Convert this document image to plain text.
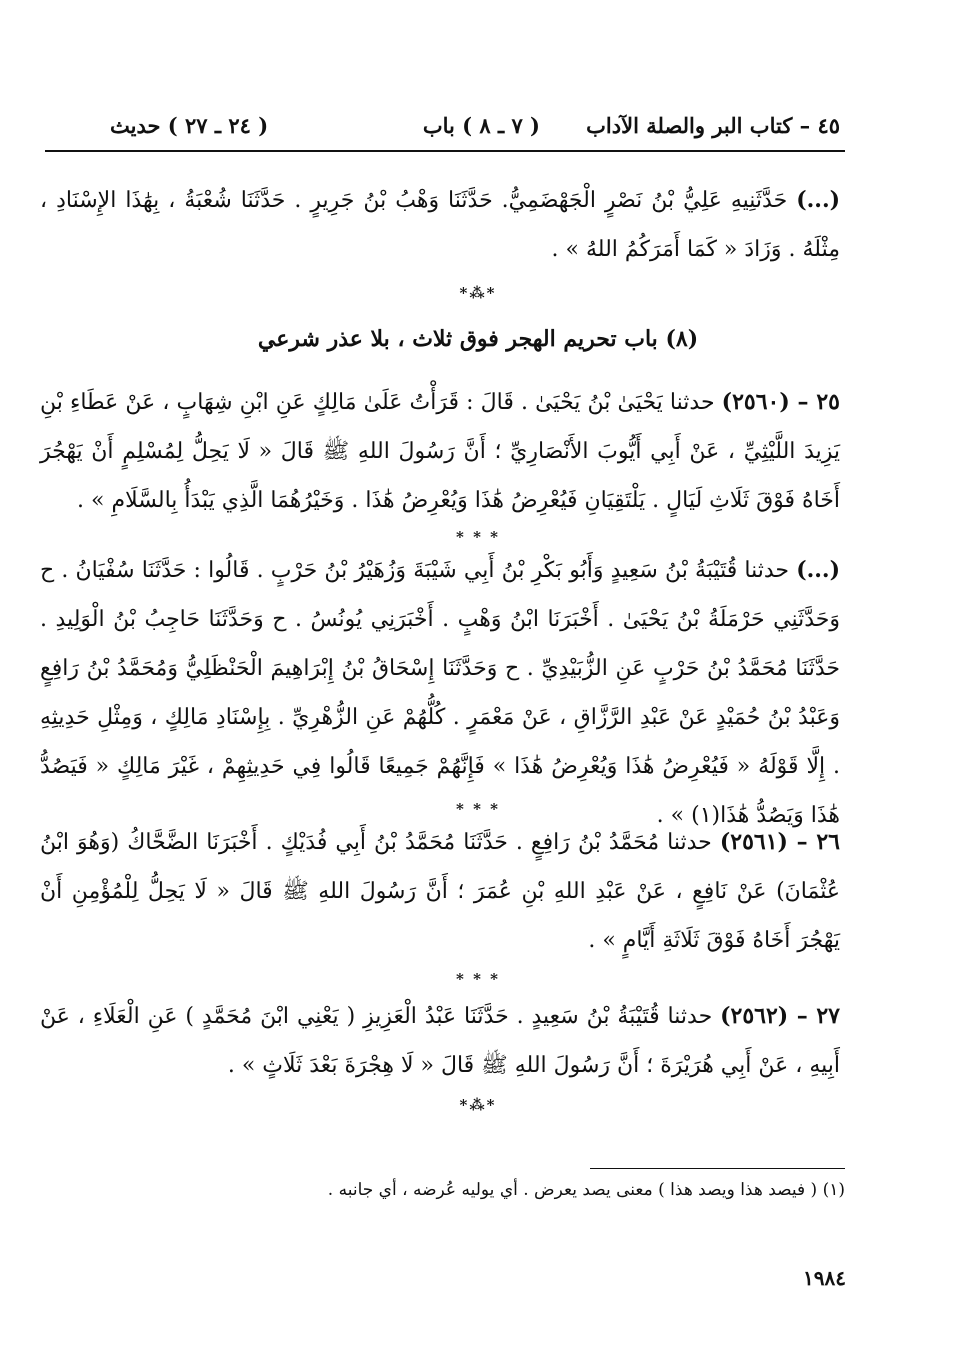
٤٥ – كتاب البر والصلة الآداب
( ٧ ـ ٨ ) باب
( ٢٤ ـ ٢٧ ) حديث
(...) حَدَّثَنِيهِ عَلِيُّ بْنُ نَصْرٍ الْجَهْضَمِيُّ. حَدَّثَنَا وَهْبُ بْنُ جَرِيرٍ . حَدَّثَنَا شُعْبَةُ ، بِهَٰذَا الإِسْنَادِ ، مِثْلَهُ . وَزَادَ « كَمَا أَمَرَكُمُ اللهُ » .
*⁂*
(٨) باب تحريم الهجر فوق ثلاث ، بلا عذر شرعي
٢٥ – (٢٥٦٠) حدثنا يَحْيَىٰ بْنُ يَحْيَىٰ . قَالَ : قَرَأْتُ عَلَىٰ مَالِكٍ عَنِ ابْنِ شِهَابٍ ، عَنْ عَطَاءِ بْنِ يَزِيدَ اللَّيْثِيِّ ، عَنْ أَبِي أَيُّوبَ الأَنْصَارِيِّ ؛ أَنَّ رَسُولَ اللهِ ﷺ قَالَ « لَا يَحِلُّ لِمُسْلِمٍ أَنْ يَهْجُرَ أَخَاهُ فَوْقَ ثَلَاثِ لَيَالٍ . يَلْتَقِيَانِ فَيُعْرِضُ هَٰذَا وَيُعْرِضُ هَٰذَا . وَخَيْرُهُمَا الَّذِي يَبْدَأُ بِالسَّلَامِ » .
* * *
(...) حدثنا قُتَيْبَةُ بْنُ سَعِيدٍ وَأَبُو بَكْرِ بْنُ أَبِي شَيْبَةَ وَزُهَيْرُ بْنُ حَرْبٍ . قَالُوا : حَدَّثَنَا سُفْيَانُ . ح وَحَدَّثَنِي حَرْمَلَةُ بْنُ يَحْيَىٰ . أَخْبَرَنَا ابْنُ وَهْبٍ . أَخْبَرَنِي يُونُسُ . ح وَحَدَّثَنَا حَاجِبُ بْنُ الْوَلِيدِ . حَدَّثَنَا مُحَمَّدُ بْنُ حَرْبٍ عَنِ الزُّبَيْدِيِّ . ح وَحَدَّثَنَا إِسْحَاقُ بْنُ إِبْرَاهِيمَ الْحَنْظَلِيُّ وَمُحَمَّدُ بْنُ رَافِعٍ وَعَبْدُ بْنُ حُمَيْدٍ عَنْ عَبْدِ الرَّزَّاقِ ، عَنْ مَعْمَرٍ . كُلُّهُمْ عَنِ الزُّهْرِيِّ . بِإِسْنَادِ مَالِكٍ ، وَمِثْلِ حَدِيثِهِ . إِلَّا قَوْلَهُ « فَيُعْرِضُ هَٰذَا وَيُعْرِضُ هَٰذَا » فَإِنَّهُمْ جَمِيعًا قَالُوا فِي حَدِيثِهِمْ ، غَيْرَ مَالِكٍ « فَيَصُدُّ هَٰذَا وَيَصُدُّ هَٰذَا(١) » .
* * *
٢٦ – (٢٥٦١) حدثنا مُحَمَّدُ بْنُ رَافِعٍ . حَدَّثَنَا مُحَمَّدُ بْنُ أَبِي فُدَيْكٍ . أَخْبَرَنَا الضَّحَّاكُ (وَهُوَ ابْنُ عُثْمَانَ) عَنْ نَافِعٍ ، عَنْ عَبْدِ اللهِ بْنِ عُمَرَ ؛ أَنَّ رَسُولَ اللهِ ﷺ قَالَ « لَا يَحِلُّ لِلْمُؤْمِنِ أَنْ يَهْجُرَ أَخَاهُ فَوْقَ ثَلَاثَةِ أَيَّامٍ » .
* * *
٢٧ – (٢٥٦٢) حدثنا قُتَيْبَةُ بْنُ سَعِيدٍ . حَدَّثَنَا عَبْدُ الْعَزِيزِ ( يَعْنِي ابْنَ مُحَمَّدٍ ) عَنِ الْعَلَاءِ ، عَنْ أَبِيهِ ، عَنْ أَبِي هُرَيْرَةَ ؛ أَنَّ رَسُولَ اللهِ ﷺ قَالَ « لَا هِجْرَةَ بَعْدَ ثَلَاثٍ » .
*⁂*
(١) ( فيصد هذا ويصد هذا ) معنى يصد يعرض . أي يوليه عُرضه ، أي جانبه .
١٩٨٤
